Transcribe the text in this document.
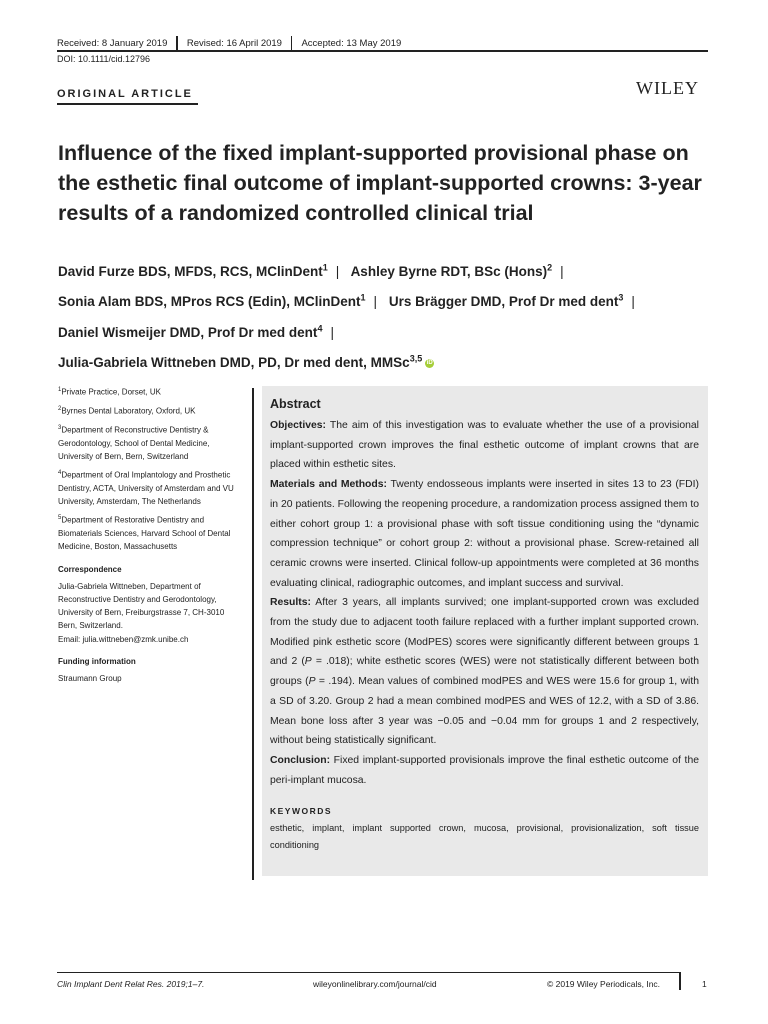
Received: 8 January 2019 Revised: 16 April 2019 Accepted: 13 May 2019
DOI: 10.1111/cid.12796
ORIGINAL ARTICLE	WILEY
Influence of the fixed implant-supported provisional phase on the esthetic final outcome of implant-supported crowns: 3-year results of a randomized controlled clinical trial
David Furze BDS, MFDS, RCS, MClinDent$^1$ | Ashley Byrne RDT, BSc (Hons)$^2$ |
Sonia Alam BDS, MPros RCS (Edin), MClinDent$^1$ | Urs Brägger DMD, Prof Dr med dent$^3$ |
Daniel Wismeijer DMD, Prof Dr med dent$^4$ |
Julia-Gabriela Wittneben DMD, PD, Dr med dent, MMSc$^{3,5}$ iD

$^1$Private Practice, Dorset, UK

$^2$Byrnes Dental Laboratory, Oxford, UK

$^3$Department of Reconstructive Dentistry & Gerodontology, School of Dental Medicine, University of Bern, Bern, Switzerland

$^4$Department of Oral Implantology and Prosthetic Dentistry, ACTA, University of Amsterdam and VU University, Amsterdam, The Netherlands

$^5$Department of Restorative Dentistry and Biomaterials Sciences, Harvard School of Dental Medicine, Boston, Massachusetts

Correspondence

Julia-Gabriela Wittneben, Department of Reconstructive Dentistry and Gerodontology, University of Bern, Freiburgstrasse 7, CH-3010 Bern, Switzerland.
Email: julia.wittneben@zmk.unibe.ch

Funding information

Straumann Group

Abstract

Objectives: The aim of this investigation was to evaluate whether the use of a provisional implant-supported crown improves the final esthetic outcome of implant crowns that are placed within esthetic sites.

Materials and Methods: Twenty endosseous implants were inserted in sites 13 to 23 (FDI) in 20 patients. Following the reopening procedure, a randomization process assigned them to either cohort group 1: a provisional phase with soft tissue conditioning using the “dynamic compression technique” or cohort group 2: without a provisional phase. Screw-retained all ceramic crowns were inserted. Clinical follow-up appointments were completed at 36 months evaluating clinical, radiographic outcomes, and implant success and survival.

Results: After 3 years, all implants survived; one implant-supported crown was excluded from the study due to adjacent tooth failure replaced with a further implant supported crown. Modified pink esthetic score (ModPES) scores were significantly different between groups 1 and 2 (P = .018); white esthetic scores (WES) were not statistically different between both groups (P = .194). Mean values of combined modPES and WES were 15.6 for group 1, with a SD of 3.20. Group 2 had a mean combined modPES and WES of 12.2, with a SD of 3.86. Mean bone loss after 3 year was −0.05 and −0.04 mm for groups 1 and 2 respectively, without being statistically significant.

Conclusion: Fixed implant-supported provisionals improve the final esthetic outcome of the peri-implant mucosa.

KEYWORDS
esthetic, implant, implant supported crown, mucosa, provisional, provisionalization, soft tissue conditioning
Clin Implant Dent Relat Res. 2019;1–7.	wileyonlinelibrary.com/journal/cid	© 2019 Wiley Periodicals, Inc.	1
